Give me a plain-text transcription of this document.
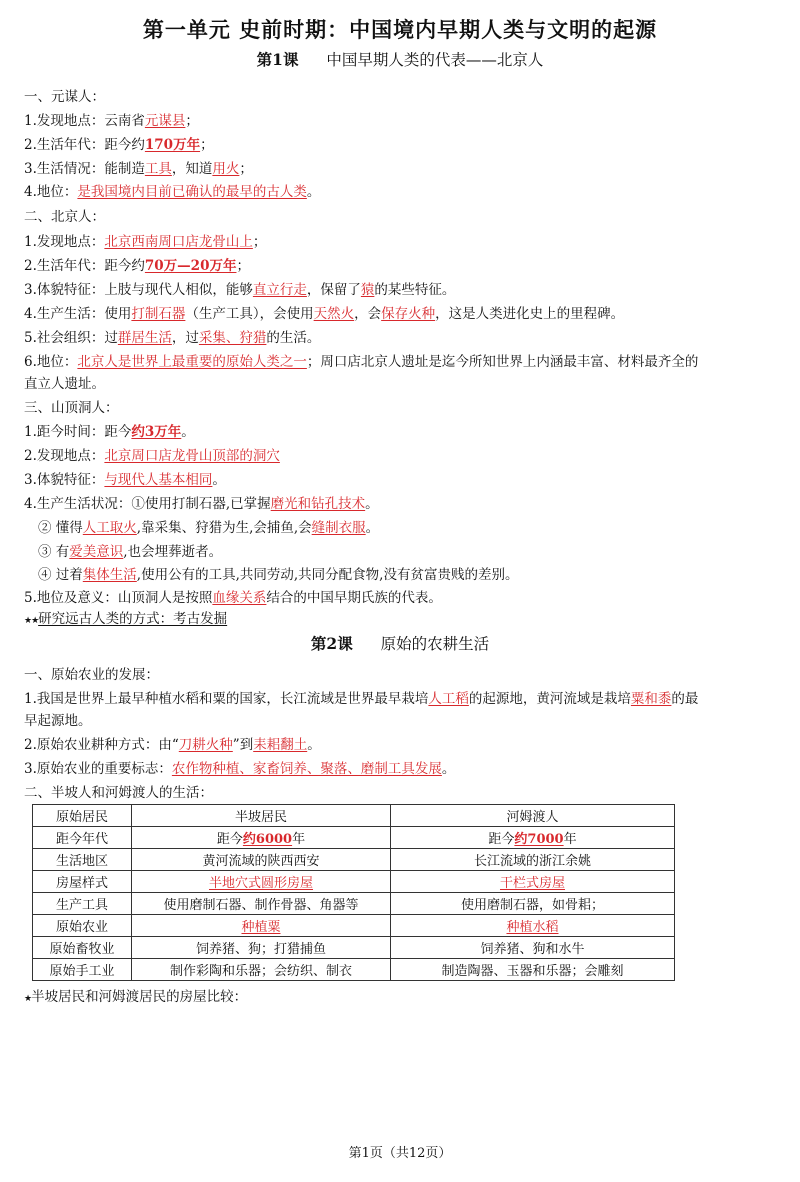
第一单元 史前时期：中国境内早期人类与文明的起源
第1课 中国早期人类的代表——北京人
一、元谋人：
1.发现地点：云南省元谋县；
2.生活年代：距今约170万年；
3.生活情况：能制造工具，知道用火；
4.地位：是我国境内目前已确认的最早的古人类。
二、北京人：
1.发现地点：北京西南周口店龙骨山上；
2.生活年代：距今约70万—20万年；
3.体貌特征：上肢与现代人相似，能够直立行走，保留了猿的某些特征。
4.生产生活：使用打制石器（生产工具），会使用天然火，会保存火种，这是人类进化史上的里程碑。
5.社会组织：过群居生活，过采集、狩猎的生活。
6.地位：北京人是世界上最重要的原始人类之一；周口店北京人遗址是迄今所知世界上内涵最丰富、材料最齐全的
直立人遗址。
三、山顶洞人：
1.距今时间：距今约3万年。
2.发现地点：北京周口店龙骨山顶部的洞穴
3.体貌特征：与现代人基本相同。
4.生产生活状况：①使用打制石器,已掌握磨光和钻孔技术。
② 懂得人工取火,靠采集、狩猎为生,会捕鱼,会缝制衣服。
③ 有爱美意识,也会埋葬逝者。
④ 过着集体生活,使用公有的工具,共同劳动,共同分配食物,没有贫富贵贱的差别。
5.地位及意义：山顶洞人是按照血缘关系结合的中国早期氏族的代表。
★★研究远古人类的方式：考古发掘
第2课 原始的农耕生活
一、原始农业的发展：
1.我国是世界上最早种植水稻和粟的国家，长江流域是世界最早栽培人工稻的起源地，黄河流域是栽培粟和黍的最
早起源地。
2.原始农业耕种方式：由“刀耕火种”到耒耜翻土。
3.原始农业的重要标志：农作物种植、家畜饲养、聚落、磨制工具发展。
二、半坡人和河姆渡人的生活：
原始居民	半坡居民	河姆渡人
距今年代	距今约6000年	距今约7000年
生活地区	黄河流域的陕西西安	长江流域的浙江余姚
房屋样式	半地穴式圆形房屋	干栏式房屋
生产工具	使用磨制石器、制作骨器、角器等	使用磨制石器，如骨耜；
原始农业	种植粟	种植水稻
原始畜牧业	饲养猪、狗；打猎捕鱼	饲养猪、狗和水牛
原始手工业	制作彩陶和乐器；会纺织、制衣	制造陶器、玉器和乐器；会雕刻
★半坡居民和河姆渡居民的房屋比较：
第1页（共12页）
